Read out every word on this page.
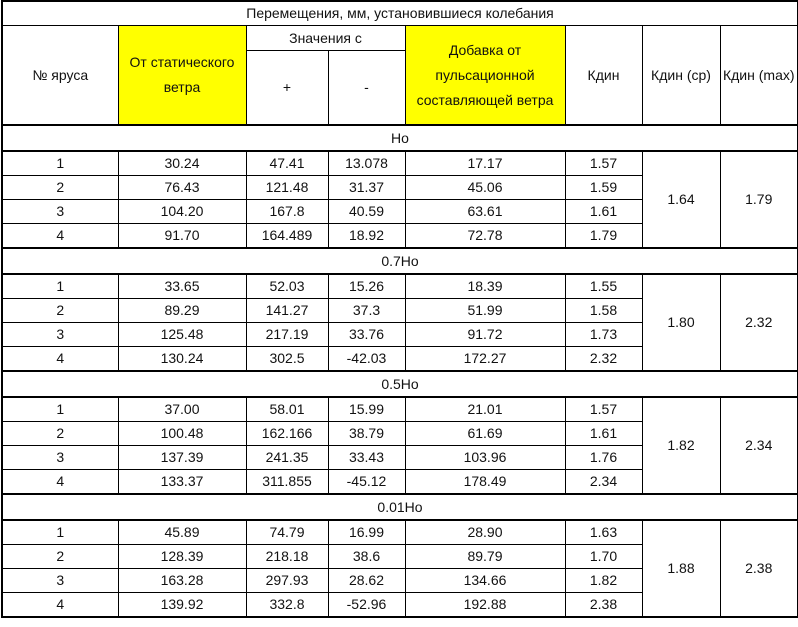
Перемещения, мм, установившиеся колебания							
№ яруса	От статического ветра	Значения с		Добавка от пульсационной составляющей ветра	Кдин	Кдин (ср)	Кдин (max)
		+	-				
Ho							
1	30.24	47.41	13.078	17.17	1.57	1.64	1.79
2	76.43	121.48	31.37	45.06	1.59		
3	104.20	167.8	40.59	63.61	1.61		
4	91.70	164.489	18.92	72.78	1.79		
0.7Ho							
1	33.65	52.03	15.26	18.39	1.55	1.80	2.32
2	89.29	141.27	37.3	51.99	1.58		
3	125.48	217.19	33.76	91.72	1.73		
4	130.24	302.5	-42.03	172.27	2.32		
0.5Ho							
1	37.00	58.01	15.99	21.01	1.57	1.82	2.34
2	100.48	162.166	38.79	61.69	1.61		
3	137.39	241.35	33.43	103.96	1.76		
4	133.37	311.855	-45.12	178.49	2.34		
0.01Ho							
1	45.89	74.79	16.99	28.90	1.63	1.88	2.38
2	128.39	218.18	38.6	89.79	1.70		
3	163.28	297.93	28.62	134.66	1.82		
4	139.92	332.8	-52.96	192.88	2.38		
